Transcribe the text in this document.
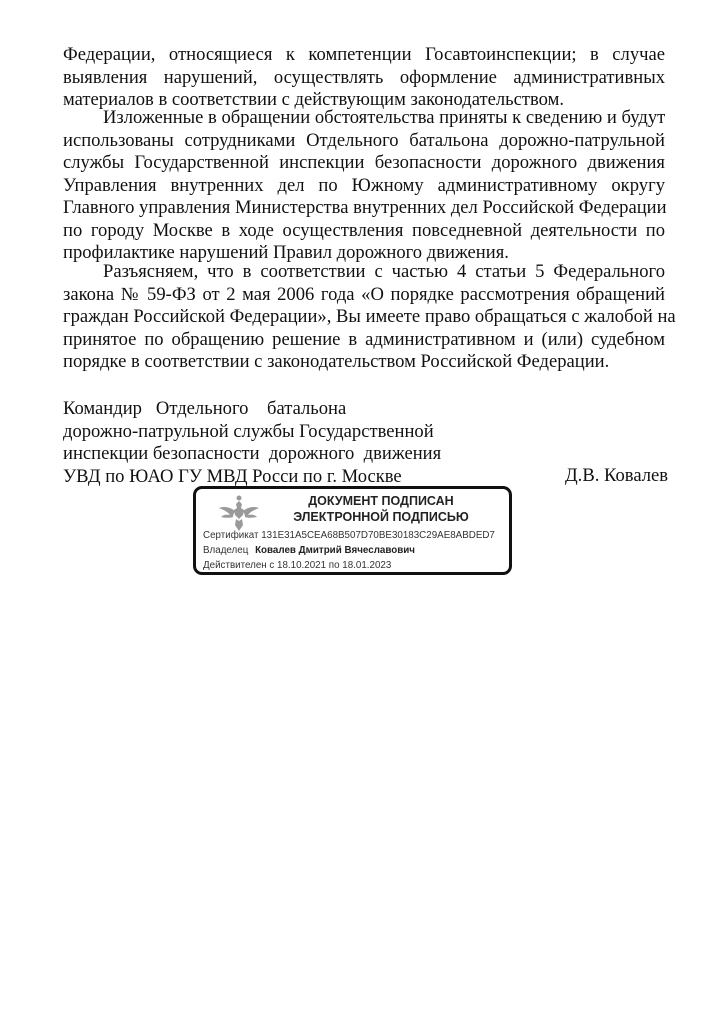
Федерации, относящиеся к компетенции Госавтоинспекции; в случае
выявления нарушений, осуществлять оформление административных
материалов в соответствии с действующим законодательством.
Изложенные в обращении обстоятельства приняты к сведению и будут
использованы сотрудниками Отдельного батальона дорожно-патрульной
службы Государственной инспекции безопасности дорожного движения
Управления внутренних дел по Южному административному округу
Главного управления Министерства внутренних дел Российской Федерации
по городу Москве в ходе осуществления повседневной деятельности по
профилактике нарушений Правил дорожного движения.
Разъясняем, что в соответствии с частью 4 статьи 5 Федерального
закона № 59-ФЗ от 2 мая 2006 года «О порядке рассмотрения обращений
граждан Российской Федерации», Вы имеете право обращаться с жалобой на
принятое по обращению решение в административном и (или) судебном
порядке в соответствии с законодательством Российской Федерации.
Командир   Отдельного    батальона
дорожно-патрульной службы Государственной
инспекции безопасности  дорожного  движения
УВД по ЮАО ГУ МВД Росси по г. Москве	Д.В. Ковалев
ДОКУМЕНТ ПОДПИСАН
ЭЛЕКТРОННОЙ ПОДПИСЬЮ
Сертификат 131E31A5CEA68B507D70BE30183C29AE8ABDED7
Владелец Ковалев Дмитрий Вячеславович
Действителен с 18.10.2021 по 18.01.2023
